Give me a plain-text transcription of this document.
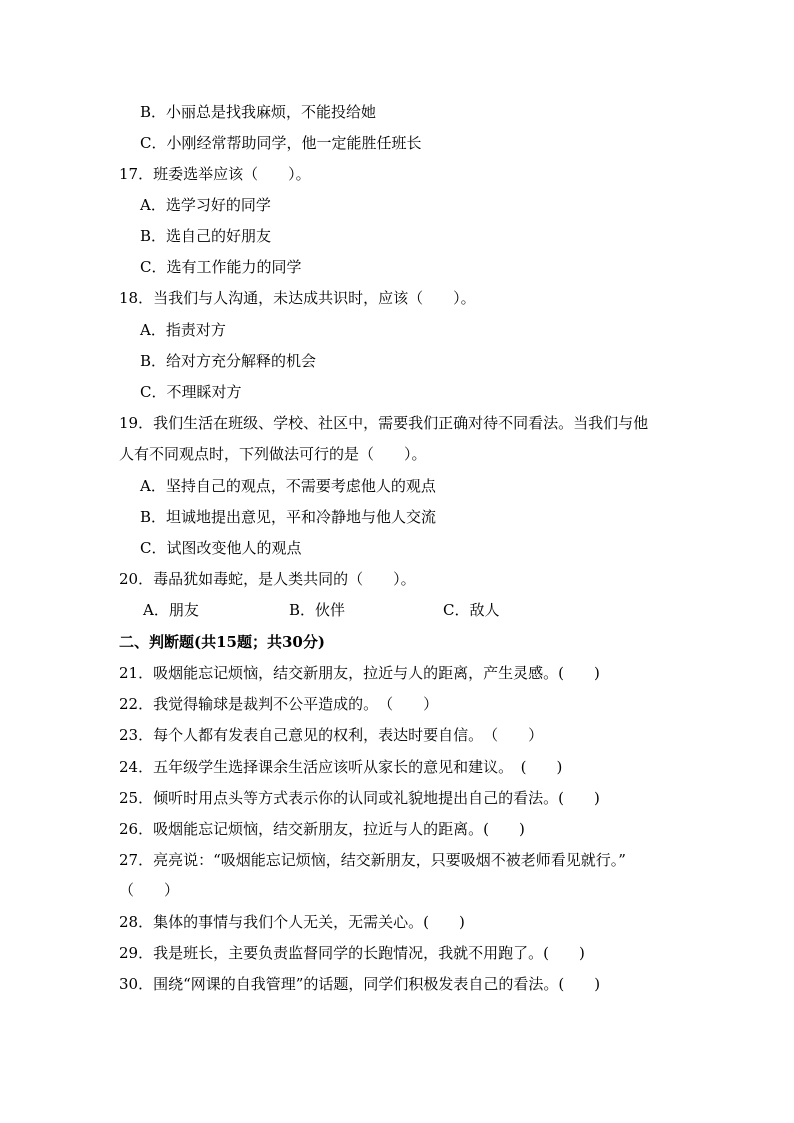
B．小丽总是找我麻烦，不能投给她
C．小刚经常帮助同学，他一定能胜任班长
17．班委选举应该（　　）。
A．选学习好的同学
B．选自己的好朋友
C．选有工作能力的同学
18．当我们与人沟通，未达成共识时，应该（　　）。
A．指责对方
B．给对方充分解释的机会
C．不理睬对方
19．我们生活在班级、学校、社区中，需要我们正确对待不同看法。当我们与他
人有不同观点时，下列做法可行的是（　　）。
A．坚持自己的观点，不需要考虑他人的观点
B．坦诚地提出意见，平和冷静地与他人交流
C．试图改变他人的观点
20．毒品犹如毒蛇，是人类共同的（　　）。
A．朋友	B．伙伴	C．敌人
二、判断题(共15题；共30分)
21．吸烟能忘记烦恼，结交新朋友，拉近与人的距离，产生灵感。(　　)
22．我觉得输球是裁判不公平造成的。　（　　）
23．每个人都有发表自己意见的权利，表达时要自信。　（　　）
24．五年级学生选择课余生活应该听从家长的意见和建议。　(　　)
25．倾听时用点头等方式表示你的认同或礼貌地提出自己的看法。(　　)
26．吸烟能忘记烦恼，结交新朋友，拉近与人的距离。(　　)
27．亮亮说：“吸烟能忘记烦恼，结交新朋友，只要吸烟不被老师看见就行。”
（　　）
28．集体的事情与我们个人无关，无需关心。(　　)
29．我是班长，主要负责监督同学的长跑情况，我就不用跑了。(　　)
30．围绕“网课的自我管理”的话题，同学们积极发表自己的看法。(　　)
